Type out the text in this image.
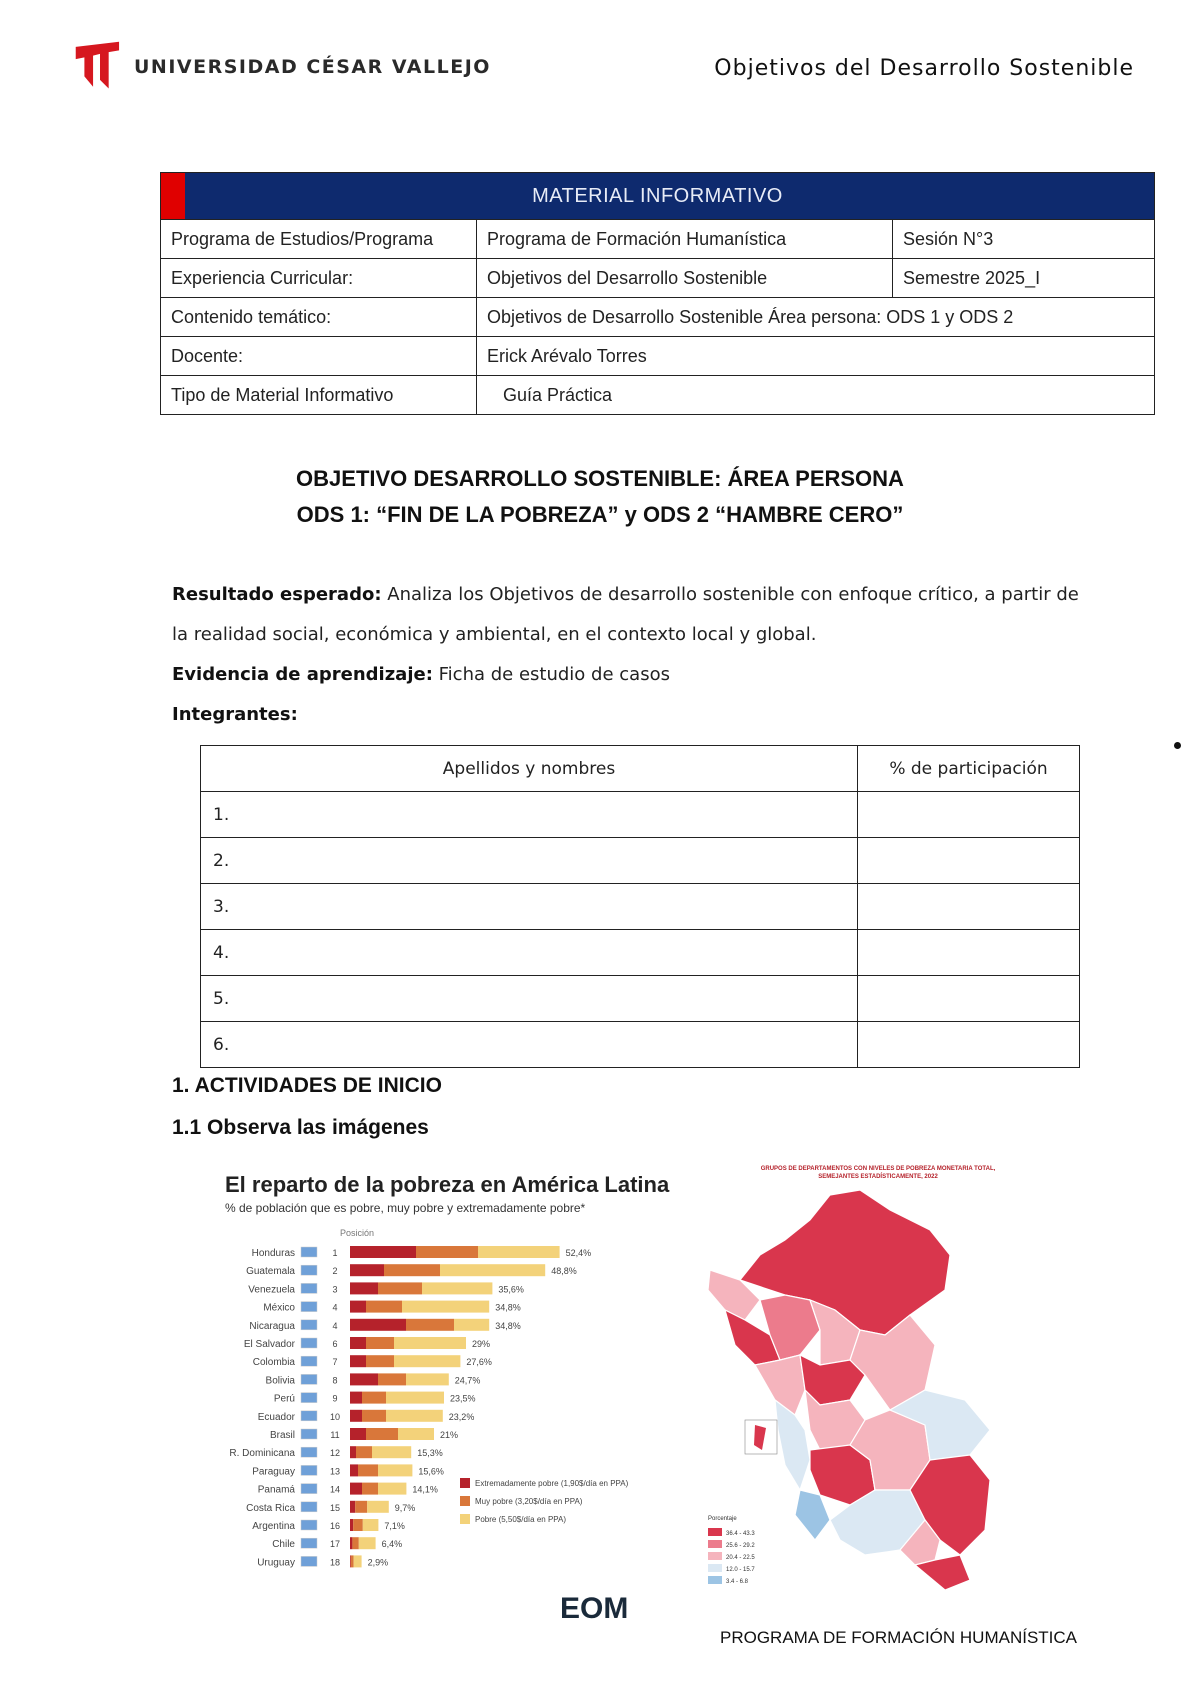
UNIVERSIDAD CÉSAR VALLEJO	Objetivos del Desarrollo Sostenible
MATERIAL INFORMATIVO		
Programa de Estudios/Programa	Programa de Formación Humanística	Sesión N°3
Experiencia Curricular:	Objetivos del Desarrollo Sostenible	Semestre 2025_I
Contenido temático:	Objetivos de Desarrollo Sostenible Área persona: ODS 1 y ODS 2	
Docente:	Erick Arévalo Torres	
Tipo de Material Informativo	Guía Práctica	
OBJETIVO DESARROLLO SOSTENIBLE: ÁREA PERSONA
ODS 1: “FIN DE LA POBREZA” y ODS 2 “HAMBRE CERO”
Resultado esperado: Analiza los Objetivos de desarrollo sostenible con enfoque crítico, a partir de
la realidad social, económica y ambiental, en el contexto local y global.
Evidencia de aprendizaje: Ficha de estudio de casos
Integrantes:
Apellidos y nombres	% de participación
1.	
2.	
3.	
4.	
5.	
6.	
1. ACTIVIDADES DE INICIO
1.1 Observa las imágenes
El reparto de la pobreza en América Latina
% de población que es pobre, muy pobre y extremadamente pobre*
Posición
Honduras	1	52,4%
Guatemala	2	48,8%
Venezuela	3	35,6%
México	4	34,8%
Nicaragua	4	34,8%
El Salvador	6	29%
Colombia	7	27,6%
Bolivia	8	24,7%
Perú	9	23,5%
Ecuador	10	23,2%
Brasil	11	21%
R. Dominicana	12	15,3%
Paraguay	13	15,6%
Panamá	14	14,1%
Costa Rica	15	9,7%
Argentina	16	7,1%
Chile	17	6,4%
Uruguay	18	2,9%
Extremadamente pobre (1,90$/día en PPA)
Muy pobre (3,20$/día en PPA)
Pobre (5,50$/día en PPA)
EOM
GRUPOS DE DEPARTAMENTOS CON NIVELES DE POBREZA MONETARIA TOTAL,
SEMEJANTES ESTADÍSTICAMENTE, 2022
Porcentaje
36.4 - 43.3
25.6 - 29.2
20.4 - 22.5
12.0 - 15.7
3.4 - 6.8
PROGRAMA DE FORMACIÓN HUMANÍSTICA
